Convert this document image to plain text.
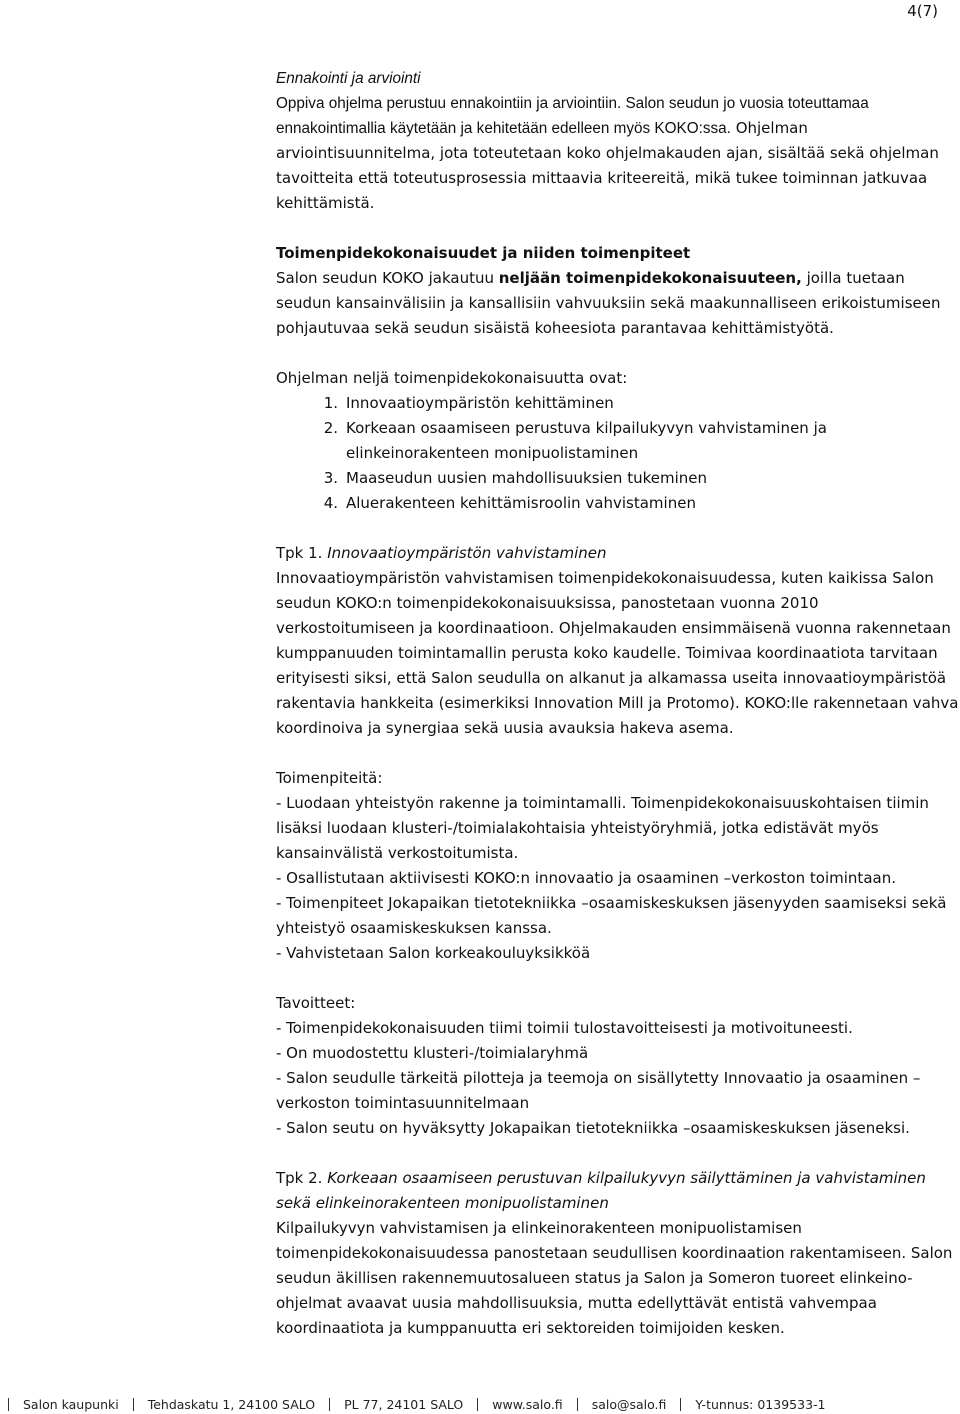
4(7)

Ennakointi ja arviointi

Oppiva ohjelma perustuu ennakointiin ja arviointiin. Salon seudun jo vuosia toteuttamaa ennakointimallia käytetään ja kehitetään edelleen myös KOKO:ssa. Ohjelman arviointisuunnitelma, jota toteutetaan koko ohjelmakauden ajan, sisältää sekä ohjelman tavoitteita että toteutusprosessia mittaavia kriteereitä, mikä tukee toiminnan jatkuvaa kehittämistä.

Toimenpidekokonaisuudet ja niiden toimenpiteet

Salon seudun KOKO jakautuu neljään toimenpidekokonaisuuteen, joilla tuetaan seudun kansainvälisiin ja kansallisiin vahvuuksiin sekä maakunnalliseen erikoistumiseen pohjautuvaa sekä seudun sisäistä koheesiota parantavaa kehittämistyötä.

Ohjelman neljä toimenpidekokonaisuutta ovat:

1. Innovaatioympäristön kehittäminen
2. Korkeaan osaamiseen perustuva kilpailukyvyn vahvistaminen ja elinkeinorakenteen monipuolistaminen
3. Maaseudun uusien mahdollisuuksien tukeminen
4. Aluerakenteen kehittämisroolin vahvistaminen

Tpk 1. Innovaatioympäristön vahvistaminen

Innovaatioympäristön vahvistamisen toimenpidekokonaisuudessa, kuten kaikissa Salon seudun KOKO:n toimenpidekokonaisuuksissa, panostetaan vuonna 2010 verkostoitumiseen ja koordinaatioon. Ohjelmakauden ensimmäisenä vuonna rakennetaan kumppanuuden toimintamallin perusta koko kaudelle. Toimivaa koordinaatiota tarvitaan erityisesti siksi, että Salon seudulla on alkanut ja alkamassa useita innovaatioympäristöä rakentavia hankkeita (esimerkiksi Innovation Mill ja Protomo). KOKO:lle rakennetaan vahva koordinoiva ja synergiaa sekä uusia avauksia hakeva asema.

Toimenpiteitä:

- Luodaan yhteistyön rakenne ja toimintamalli. Toimenpidekokonaisuuskohtaisen tiimin lisäksi luodaan klusteri-/toimialakohtaisia yhteistyöryhmiä, jotka edistävät myös kansainvälistä verkostoitumista.

- Osallistutaan aktiivisesti KOKO:n innovaatio ja osaaminen –verkoston toimintaan.

- Toimenpiteet Jokapaikan tietotekniikka –osaamiskeskuksen jäsenyyden saamiseksi sekä yhteistyö osaamiskeskuksen kanssa.

- Vahvistetaan Salon korkeakouluyksikköä

Tavoitteet:

- Toimenpidekokonaisuuden tiimi toimii tulostavoitteisesti ja motivoituneesti.

- On muodostettu klusteri-/toimialaryhmä

- Salon seudulle tärkeitä pilotteja ja teemoja on sisällytetty Innovaatio ja osaaminen –verkoston toimintasuunnitelmaan

- Salon seutu on hyväksytty Jokapaikan tietotekniikka –osaamiskeskuksen jäseneksi.

Tpk 2. Korkeaan osaamiseen perustuvan kilpailukyvyn säilyttäminen ja vahvistaminen sekä elinkeinorakenteen monipuolistaminen

Kilpailukyvyn vahvistamisen ja elinkeinorakenteen monipuolistamisen toimenpidekokonaisuudessa panostetaan seudullisen koordinaation rakentamiseen. Salon seudun äkillisen rakennemuutosalueen status ja Salon ja Someron tuoreet elinkeino-ohjelmat avaavat uusia mahdollisuuksia, mutta edellyttävät entistä vahvempaa koordinaatiota ja kumppanuutta eri sektoreiden toimijoiden kesken.

Salon kaupunki Tehdaskatu 1, 24100 SALO PL 77, 24101 SALO www.salo.fi salo@salo.fi Y-tunnus: 0139533-1
